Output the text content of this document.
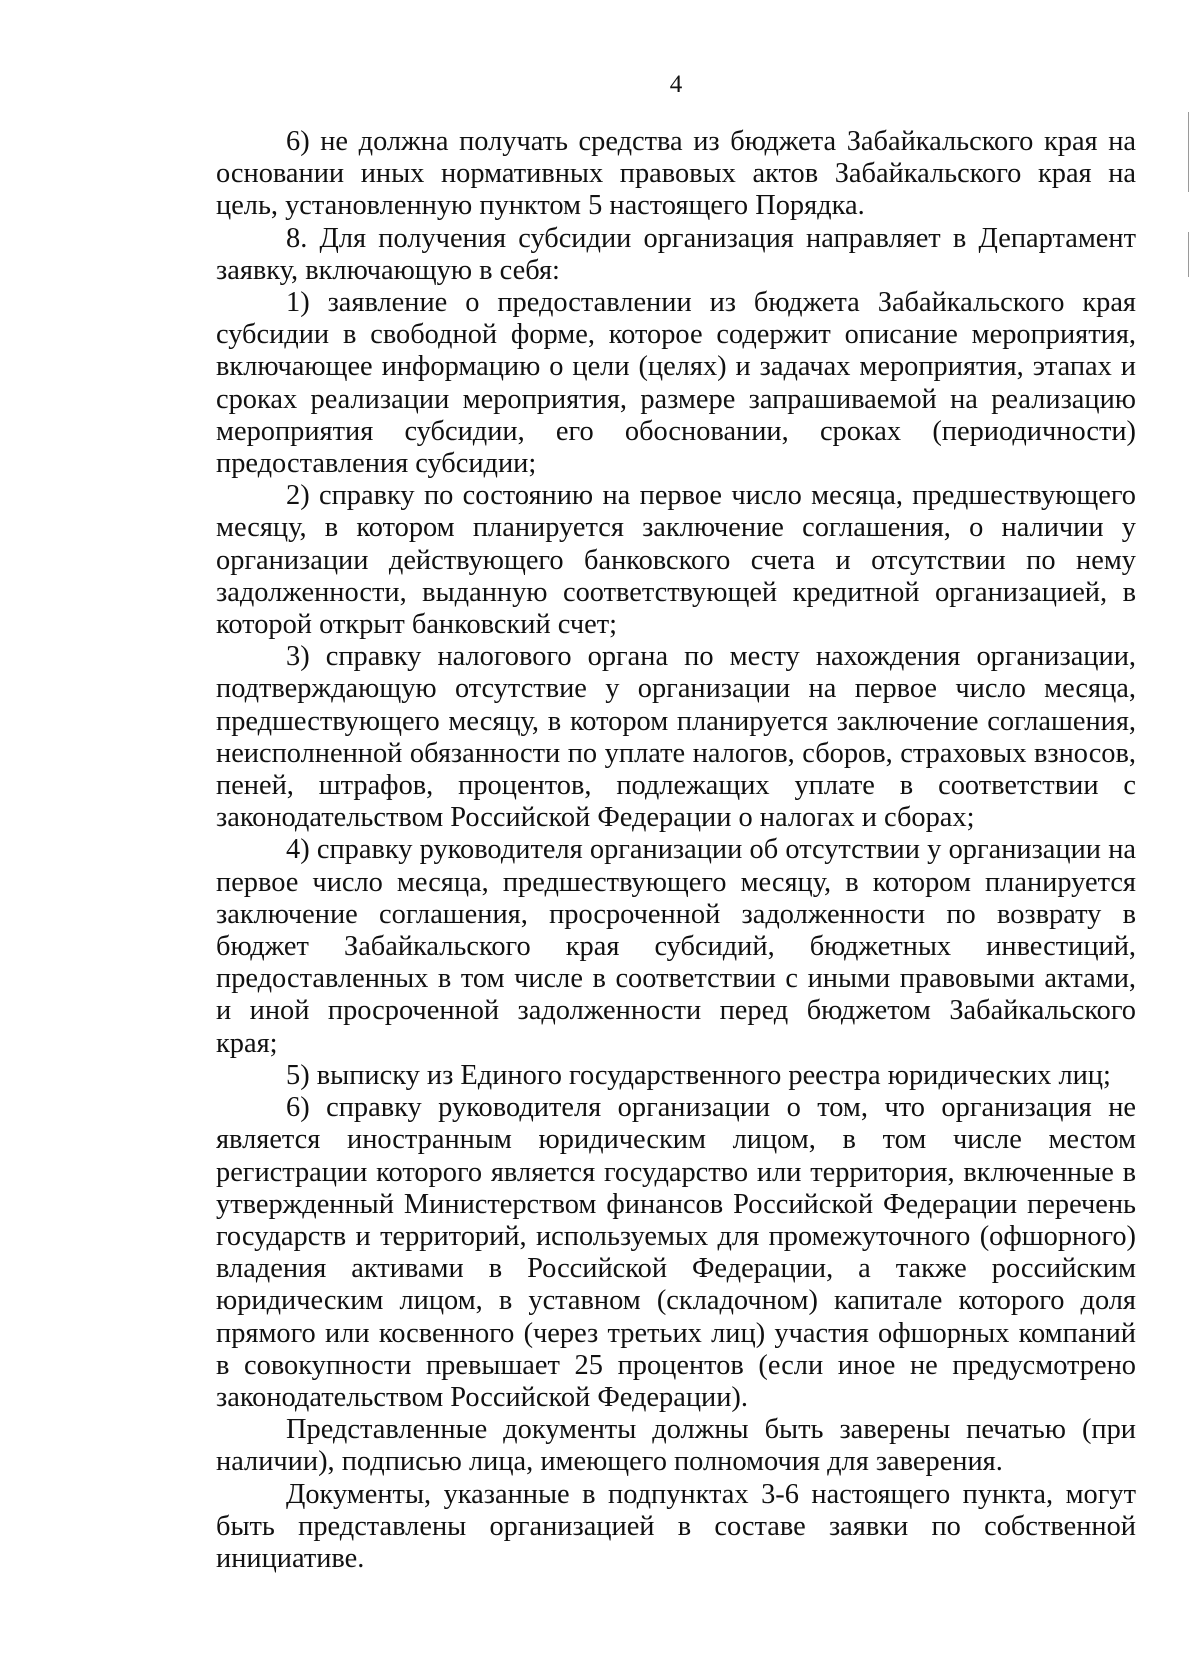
4

6) не должна получать средства из бюджета Забайкальского края на основании иных нормативных правовых актов Забайкальского края на цель, установленную пунктом 5 настоящего Порядка.

8. Для получения субсидии организация направляет в Департамент заявку, включающую в себя:

1) заявление о предоставлении из бюджета Забайкальского края субсидии в свободной форме, которое содержит описание мероприятия, включающее информацию о цели (целях) и задачах мероприятия, этапах и сроках реализации мероприятия, размере запрашиваемой на реализацию мероприятия субсидии, его обосновании, сроках (периодичности) предоставления субсидии;

2) справку по состоянию на первое число месяца, предшествующего месяцу, в котором планируется заключение соглашения, о наличии у организации действующего банковского счета и отсутствии по нему задолженности, выданную соответствующей кредитной организацией, в которой открыт банковский счет;

3) справку налогового органа по месту нахождения организации, подтверждающую отсутствие у организации на первое число месяца, предшествующего месяцу, в котором планируется заключение соглашения, неисполненной обязанности по уплате налогов, сборов, страховых взносов, пеней, штрафов, процентов, подлежащих уплате в соответствии с законодательством Российской Федерации о налогах и сборах;

4) справку руководителя организации об отсутствии у организации на первое число месяца, предшествующего месяцу, в котором планируется заключение соглашения, просроченной задолженности по возврату в бюджет Забайкальского края субсидий, бюджетных инвестиций, предоставленных в том числе в соответствии с иными правовыми актами, и иной просроченной задолженности перед бюджетом Забайкальского края;

5) выписку из Единого государственного реестра юридических лиц;

6) справку руководителя организации о том, что организация не является иностранным юридическим лицом, в том числе местом регистрации которого является государство или территория, включенные в утвержденный Министерством финансов Российской Федерации перечень государств и территорий, используемых для промежуточного (офшорного) владения активами в Российской Федерации, а также российским юридическим лицом, в уставном (складочном) капитале которого доля прямого или косвенного (через третьих лиц) участия офшорных компаний в совокупности превышает 25 процентов (если иное не предусмотрено законодательством Российской Федерации).

Представленные документы должны быть заверены печатью (при наличии), подписью лица, имеющего полномочия для заверения.

Документы, указанные в подпунктах 3-6 настоящего пункта, могут быть представлены организацией в составе заявки по собственной инициативе.
